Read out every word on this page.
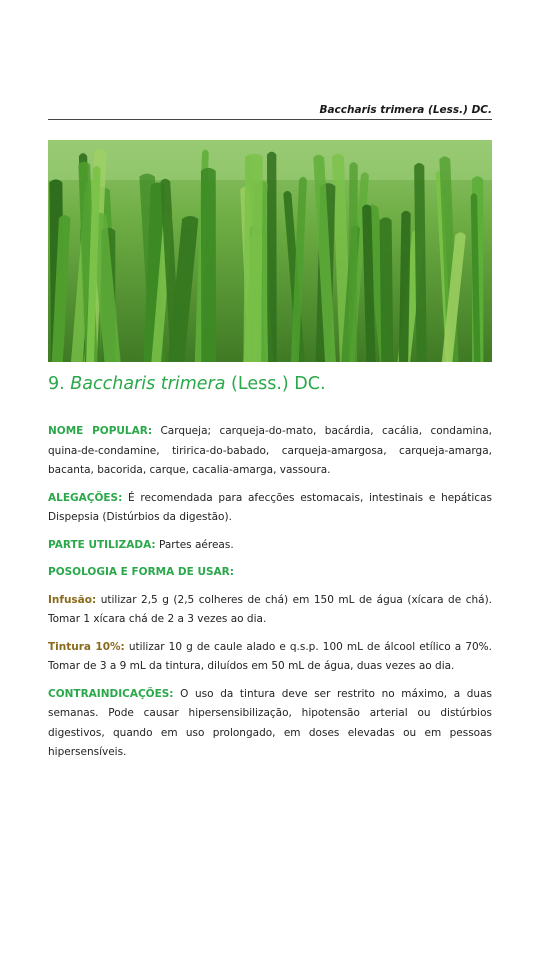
Baccharis trimera (Less.) DC.
9. Baccharis trimera (Less.) DC.

NOME POPULAR: Carqueja; carqueja-do-mato, bacárdia, cacália, condamina, quina-de-condamine, tiririca-do-babado, carqueja-amargosa, carqueja-amarga, bacanta, bacorida, carque, cacalia-amarga, vassoura.

ALEGAÇÕES: É recomendada para afecções estomacais, intestinais e hepáticas Dispepsia (Distúrbios da digestão).

PARTE UTILIZADA: Partes aéreas.

POSOLOGIA E FORMA DE USAR:

Infusão: utilizar 2,5 g (2,5 colheres de chá) em 150 mL de água (xícara de chá). Tomar 1 xícara chá de 2 a 3 vezes ao dia.

Tintura 10%: utilizar 10 g de caule alado e q.s.p. 100 mL de álcool etílico a 70%. Tomar de 3 a 9 mL da tintura, diluídos em 50 mL de água, duas vezes ao dia.

CONTRAINDICAÇÕES: O uso da tintura deve ser restrito no máximo, a duas semanas. Pode causar hipersensibilização, hipotensão arterial ou distúrbios digestivos, quando em uso prolongado, em doses elevadas ou em pessoas hipersensíveis.
